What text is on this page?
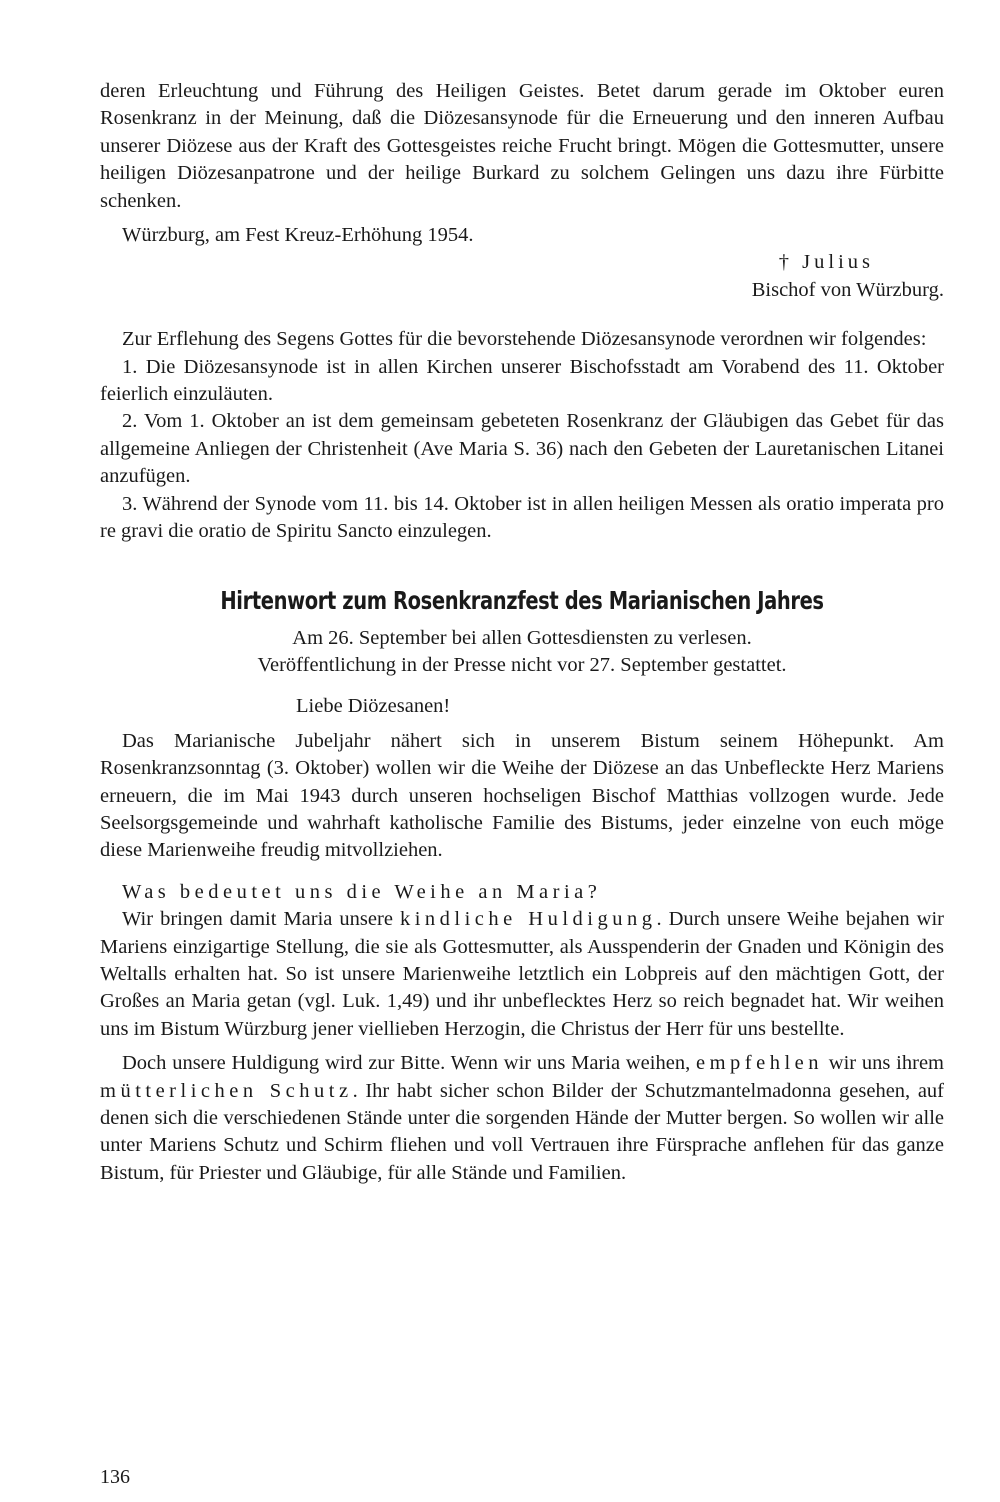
deren Erleuchtung und Führung des Heiligen Geistes. Betet darum gerade im Oktober euren Rosenkranz in der Meinung, daß die Diözesansynode für die Erneuerung und den inneren Aufbau unserer Diözese aus der Kraft des Gottesgeistes reiche Frucht bringt. Mögen die Gottesmutter, unsere heiligen Diözesanpatrone und der heilige Burkard zu solchem Gelingen uns dazu ihre Fürbitte schenken.

Würzburg, am Fest Kreuz-Erhöhung 1954.

† Julius

Bischof von Würzburg.

Zur Erflehung des Segens Gottes für die bevorstehende Diözesansynode verordnen wir folgendes:

1. Die Diözesansynode ist in allen Kirchen unserer Bischofsstadt am Vorabend des 11. Oktober feierlich einzuläuten.

2. Vom 1. Oktober an ist dem gemeinsam gebeteten Rosenkranz der Gläubigen das Gebet für das allgemeine Anliegen der Christenheit (Ave Maria S. 36) nach den Gebeten der Lauretanischen Litanei anzufügen.

3. Während der Synode vom 11. bis 14. Oktober ist in allen heiligen Messen als oratio imperata pro re gravi die oratio de Spiritu Sancto einzulegen.

Hirtenwort zum Rosenkranzfest des Marianischen Jahres

Am 26. September bei allen Gottesdiensten zu verlesen.

Veröffentlichung in der Presse nicht vor 27. September gestattet.

Liebe Diözesanen!

Das Marianische Jubeljahr nähert sich in unserem Bistum seinem Höhepunkt. Am Rosenkranzsonntag (3. Oktober) wollen wir die Weihe der Diözese an das Unbefleckte Herz Mariens erneuern, die im Mai 1943 durch unseren hochseligen Bischof Matthias vollzogen wurde. Jede Seelsorgsgemeinde und wahrhaft katholische Familie des Bistums, jeder einzelne von euch möge diese Marienweihe freudig mitvollziehen.

Was bedeutet uns die Weihe an Maria?

Wir bringen damit Maria unsere kindliche Huldigung. Durch unsere Weihe bejahen wir Mariens einzigartige Stellung, die sie als Gottesmutter, als Ausspenderin der Gnaden und Königin des Weltalls erhalten hat. So ist unsere Marienweihe letztlich ein Lobpreis auf den mächtigen Gott, der Großes an Maria getan (vgl. Luk. 1,49) und ihr unbeflecktes Herz so reich begnadet hat. Wir weihen uns im Bistum Würzburg jener viellieben Herzogin, die Christus der Herr für uns bestellte.

Doch unsere Huldigung wird zur Bitte. Wenn wir uns Maria weihen, empfehlen wir uns ihrem mütterlichen Schutz. Ihr habt sicher schon Bilder der Schutzmantelmadonna gesehen, auf denen sich die verschiedenen Stände unter die sorgenden Hände der Mutter bergen. So wollen wir alle unter Mariens Schutz und Schirm fliehen und voll Vertrauen ihre Fürsprache anflehen für das ganze Bistum, für Priester und Gläubige, für alle Stände und Familien.

136
